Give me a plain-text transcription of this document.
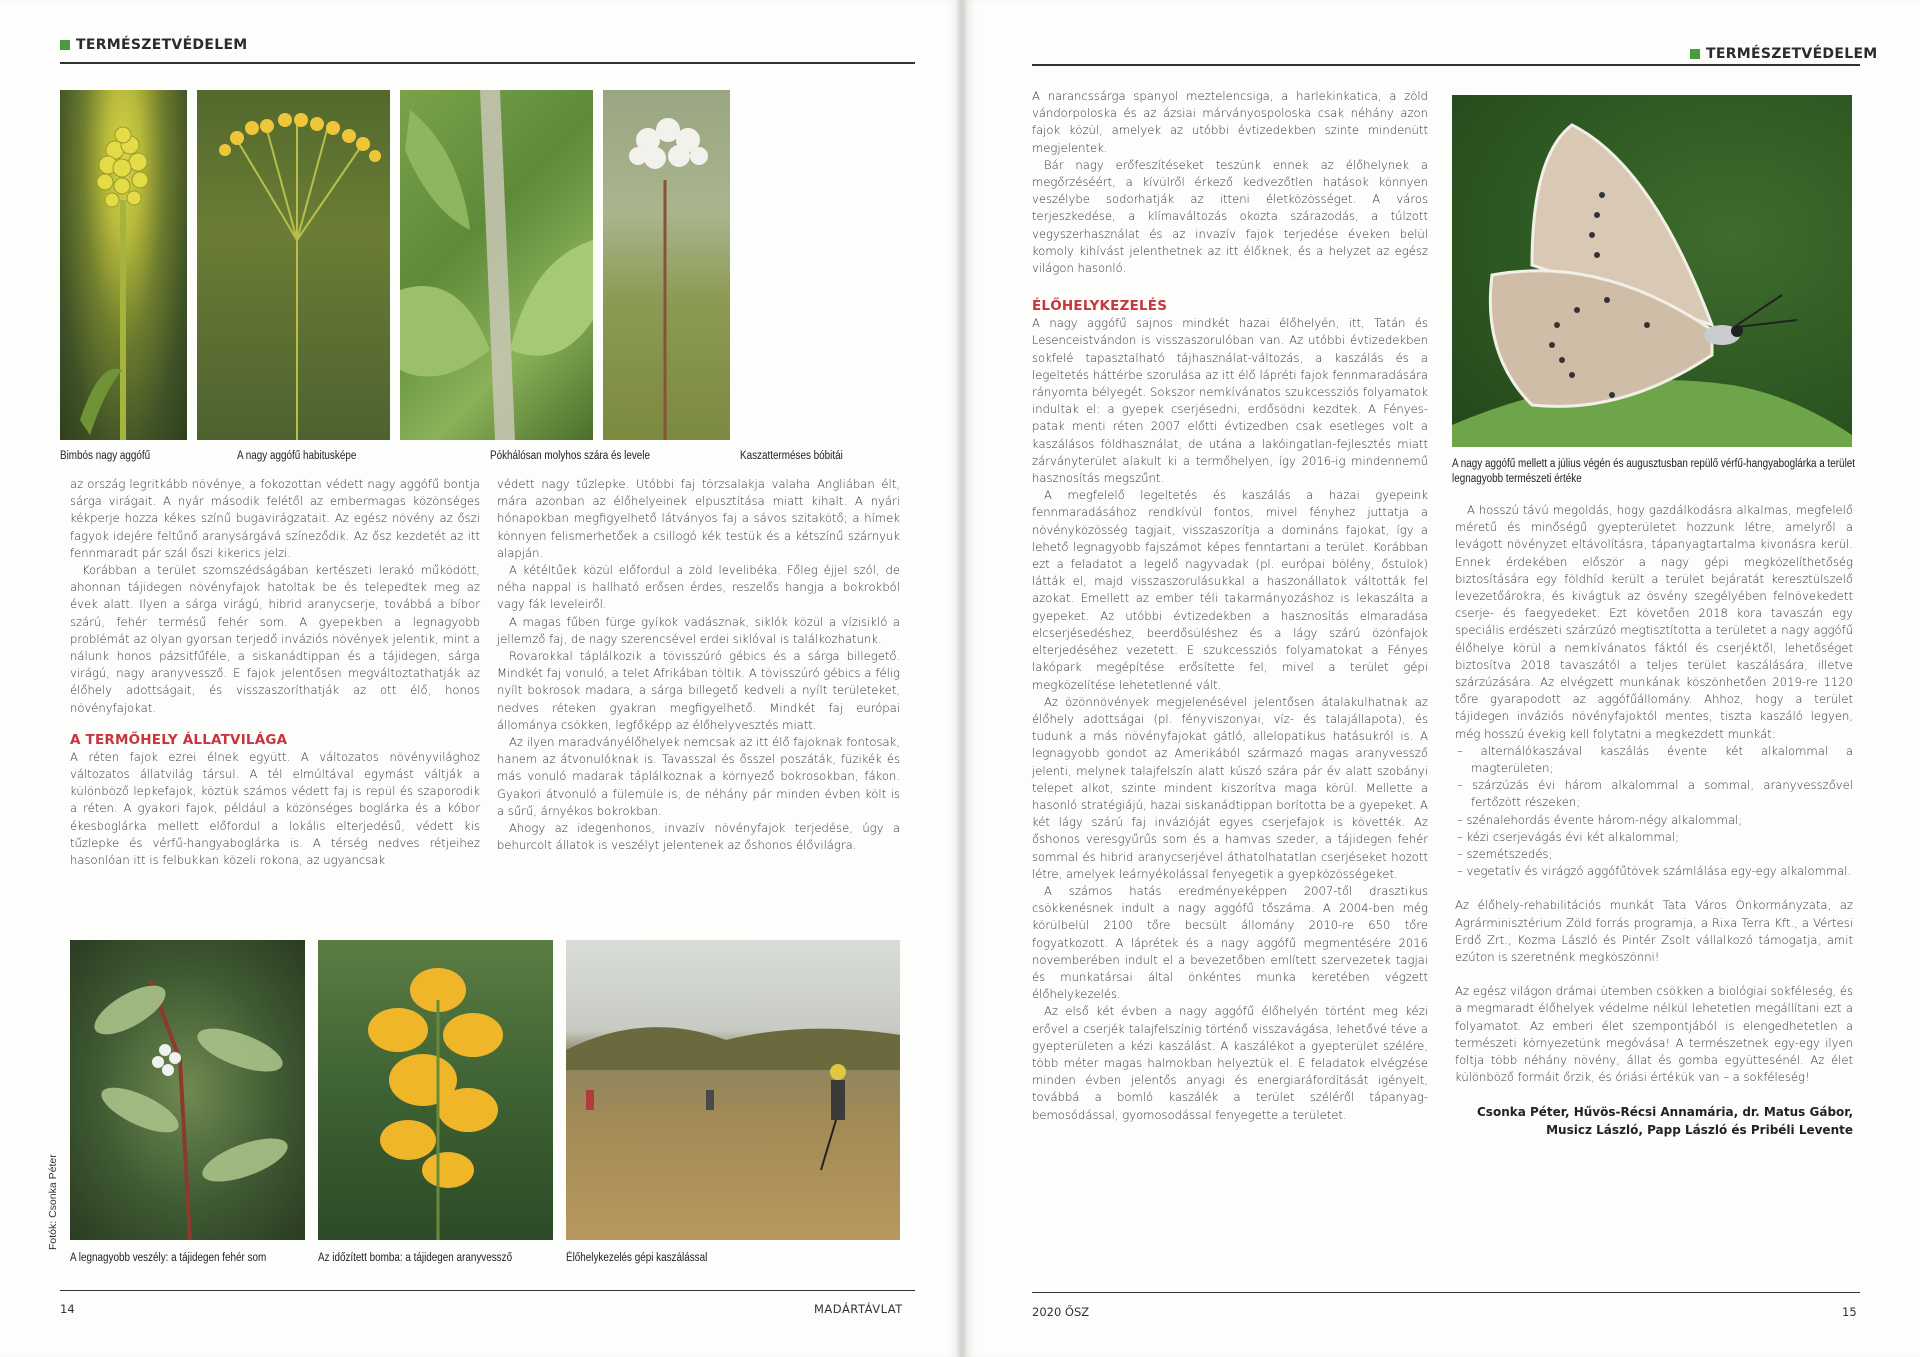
TERMÉSZETVÉDELEM
Bimbós nagy aggófű	A nagy aggófű habitusképe	Pókhálósan molyhos szára és levele	Kaszatterméses bóbitái

az ország legritkább növénye, a fokozottan védett nagy aggófű bontja sárga virágait. A nyár második felétől az embermagas közönséges kékperje hozza kékes színű bugavirágzatait. Az egész növény az őszi fagyok idejére feltűnő aranysárgává színeződik. Az ősz kezdetét az itt fennmaradt pár szál őszi kikerics jelzi.

Korábban a terület szomszédságában kertészeti lerakó működött, ahonnan tájidegen növényfajok hatoltak be és telepedtek meg az évek alatt. Ilyen a sárga virágú, hibrid aranycserje, továbbá a bíbor szárú, fehér termésű fehér som. A gyepekben a legnagyobb problémát az olyan gyorsan terjedő inváziós növények jelentik, mint a nálunk honos pázsitfűféle, a siskanádtippan és a tájidegen, sárga virágú, nagy aranyvessző. E fajok jelentősen megváltoztathatják az élőhely adottságait, és visszaszoríthatják az ott élő, honos növényfajokat.

A TERMŐHELY ÁLLATVILÁGA

A réten fajok ezrei élnek együtt. A változatos növényvilághoz változatos állatvilág társul. A tél elmúltával egymást váltják a különböző lepkefajok, köztük számos védett faj is repül és szaporodik a réten. A gyakori fajok, például a közönséges boglárka és a kóbor ékesboglárka mellett előfordul a lokális elterjedésű, védett kis tűzlepke és vérfű-hangyaboglárka is. A térség nedves rétjeihez hasonlóan itt is felbukkan közeli rokona, az ugyancsak

védett nagy tűzlepke. Utóbbi faj törzsalakja valaha Angliában élt, mára azonban az élőhelyeinek elpusztítása miatt kihalt. A nyári hónapokban megfigyelhető látványos faj a sávos szitakötő; a hímek könnyen felismerhetőek a csillogó kék testük és a kétszínű szárnyuk alapján.

A kétéltűek közül előfordul a zöld levelibéka. Főleg éjjel szól, de néha nappal is hallható erősen érdes, reszelős hangja a bokrokból vagy fák leveleiről.

A magas fűben fürge gyíkok vadásznak, siklók közül a vízisikló a jellemző faj, de nagy szerencsével erdei siklóval is találkozhatunk.

Rovarokkal táplálkozik a tövisszúró gébics és a sárga billegető. Mindkét faj vonuló, a telet Afrikában töltik. A tövisszúró gébics a félig nyílt bokrosok madara, a sárga billegető kedveli a nyílt területeket, nedves réteken gyakran megfigyelhető. Mindkét faj európai állománya csökken, legfőképp az élőhelyvesztés miatt.

Az ilyen maradványélőhelyek nemcsak az itt élő fajoknak fontosak, hanem az átvonulóknak is. Tavasszal és ősszel poszáták, füzikék és más vonuló madarak táplálkoznak a környező bokrosokban, fákon. Gyakori átvonuló a fülemüle is, de néhány pár minden évben költ is a sűrű, árnyékos bokrokban.

Ahogy az idegenhonos, invazív növényfajok terjedése, úgy a behurcolt állatok is veszélyt jelentenek az őshonos élővilágra.

A legnagyobb veszély: a tájidegen fehér som	Az időzített bomba: a tájidegen aranyvessző	Élőhelykezelés gépi kaszálással
Fotók: Csonka Péter
14	MADÁRTÁVLAT
TERMÉSZETVÉDELEM

A narancssárga spanyol meztelencsiga, a harlekinkatica, a zöld vándorpoloska és az ázsiai márványospoloska csak néhány azon fajok közül, amelyek az utóbbi évtizedekben szinte mindenütt megjelentek.

Bár nagy erőfeszítéseket teszünk ennek az élőhelynek a megőrzéséért, a kívülről érkező kedvezőtlen hatások könnyen veszélybe sodorhatják az itteni életközösséget. A város terjeszkedése, a klímaváltozás okozta szárazodás, a túlzott vegyszerhasználat és az invazív fajok terjedése éveken belül komoly kihívást jelenthetnek az itt élőknek, és a helyzet az egész világon hasonló.

ÉLŐHELYKEZELÉS

A nagy aggófű sajnos mindkét hazai élőhelyén, itt, Tatán és Lesenceistvándon is visszaszorulóban van. Az utóbbi évtizedekben sokfelé tapasztalható tájhasználat-változás, a kaszálás és a legeltetés háttérbe szorulása az itt élő lápréti fajok fennmaradására rányomta bélyegét. Sokszor nemkívánatos szukcessziós folyamatok indultak el: a gyepek cserjésedni, erdősödni kezdtek. A Fényes-patak menti réten 2007 előtti évtizedben csak esetleges volt a kaszálásos földhasználat, de utána a lakóingatlan-fejlesztés miatt zárványterület alakult ki a termőhelyen, így 2016-ig mindennemű hasznosítás megszűnt.

A megfelelő legeltetés és kaszálás a hazai gyepeink fennmaradásához rendkívül fontos, mivel fényhez juttatja a növényközösség tagjait, visszaszorítja a domináns fajokat, így a lehető legnagyobb fajszámot képes fenntartani a terület. Korábban ezt a feladatot a legelő nagyvadak (pl. európai bölény, őstulok) látták el, majd visszaszorulásukkal a haszonállatok váltották fel azokat. Emellett az ember téli takarmányozáshoz is lekaszálta a gyepeket. Az utóbbi évtizedekben a hasznosítás elmaradása elcserjésedéshez, beerdősüléshez és a lágy szárú özönfajok elterjedéséhez vezetett. E szukcessziós folyamatokat a Fényes lakópark megépítése erősítette fel, mivel a terület gépi megközelítése lehetetlenné vált.

Az özönnövények megjelenésével jelentősen átalakulhatnak az élőhely adottságai (pl. fényviszonyai, víz- és talajállapota), és tudunk a más növényfajokat gátló, allelopatikus hatásukról is. A legnagyobb gondot az Amerikából származó magas aranyvessző jelenti, melynek talajfelszín alatt kúszó szára pár év alatt szobányi telepet alkot, szinte mindent kiszorítva maga körül. Mellette a hasonló stratégiájú, hazai siskanádtippan borította be a gyepeket. A két lágy szárú faj invázióját egyes cserjefajok is követték. Az őshonos veresgyűrűs som és a hamvas szeder, a tájidegen fehér sommal és hibrid aranycserjével áthatolhatatlan cserjéseket hozott létre, amelyek leárnyékolással fenyegetik a gyepközösségeket.

A számos hatás eredményeképpen 2007-től drasztikus csökkenésnek indult a nagy aggófű tőszáma. A 2004-ben még körülbelül 2100 tőre becsült állomány 2010-re 650 tőre fogyatkozott. A láprétek és a nagy aggófű megmentésére 2016 novemberében indult el a bevezetőben említett szervezetek tagjai és munkatársai által önkéntes munka keretében végzett élőhelykezelés.

Az első két évben a nagy aggófű élőhelyén történt meg kézi erővel a cserjék talajfelszínig történő visszavágása, lehetővé téve a gyepterületen a kézi kaszálást. A kaszálékot a gyepterület szélére, több méter magas halmokban helyeztük el. E feladatok elvégzése minden évben jelentős anyagi és energiaráfordítását igényelt, továbbá a bomló kaszálék a terület széléről tápanyag-bemosódással, gyomosodással fenyegette a területet.

A nagy aggófű mellett a július végén és augusztusban repülő vérfű-hangyaboglárka a terület legnagyobb természeti értéke

A hosszú távú megoldás, hogy gazdálkodásra alkalmas, megfelelő méretű és minőségű gyepterületet hozzunk létre, amelyről a levágott növényzet eltávolításra, tápanyagtartalma kivonásra kerül. Ennek érdekében először a nagy gépi megközelíthetőség biztosítására egy földhíd került a terület bejáratát keresztülszelő levezetőárokra, és kivágtuk az ösvény szegélyében felnövekedett cserje- és faegyedeket. Ezt követően 2018 kora tavaszán egy speciális erdészeti szárzúzó megtisztította a területet a nagy aggófű élőhelye körül a nemkívánatos fáktól és cserjéktől, lehetőséget biztosítva 2018 tavaszától a teljes terület kaszálására, illetve szárzúzására. Az elvégzett munkának köszönhetően 2019-re 1120 tőre gyarapodott az aggófűállomány. Ahhoz, hogy a terület tájidegen inváziós növényfajoktól mentes, tiszta kaszáló legyen, még hosszú évekig kell folytatni a megkezdett munkát:

– alternálókaszával kaszálás évente két alkalommal a magterületen;
– szárzúzás évi három alkalommal a sommal, aranyvesszővel fertőzött részeken;
– szénalehordás évente három-négy alkalommal;
– kézi cserjevágás évi két alkalommal;
– szemétszedés;
– vegetatív és virágzó aggófűtövek számlálása egy-egy alkalommal.

Az élőhely-rehabilitációs munkát Tata Város Önkormányzata, az Agrárminisztérium Zöld forrás programja, a Rixa Terra Kft., a Vértesi Erdő Zrt., Kozma László és Pintér Zsolt vállalkozó támogatja, amit ezúton is szeretnénk megköszönni!

Az egész világon drámai ütemben csökken a biológiai sokféleség, és a megmaradt élőhelyek védelme nélkül lehetetlen megállítani ezt a folyamatot. Az emberi élet szempontjából is elengedhetetlen a természeti környezetünk megóvása! A természetnek egy-egy ilyen foltja több néhány növény, állat és gomba együttesénél. Az élet különböző formáit őrzik, és óriási értékük van – a sokféleség!

Csonka Péter, Hűvös-Récsi Annamária, dr. Matus Gábor,
Musicz László, Papp László és Pribéli Levente
2020 ŐSZ	15
